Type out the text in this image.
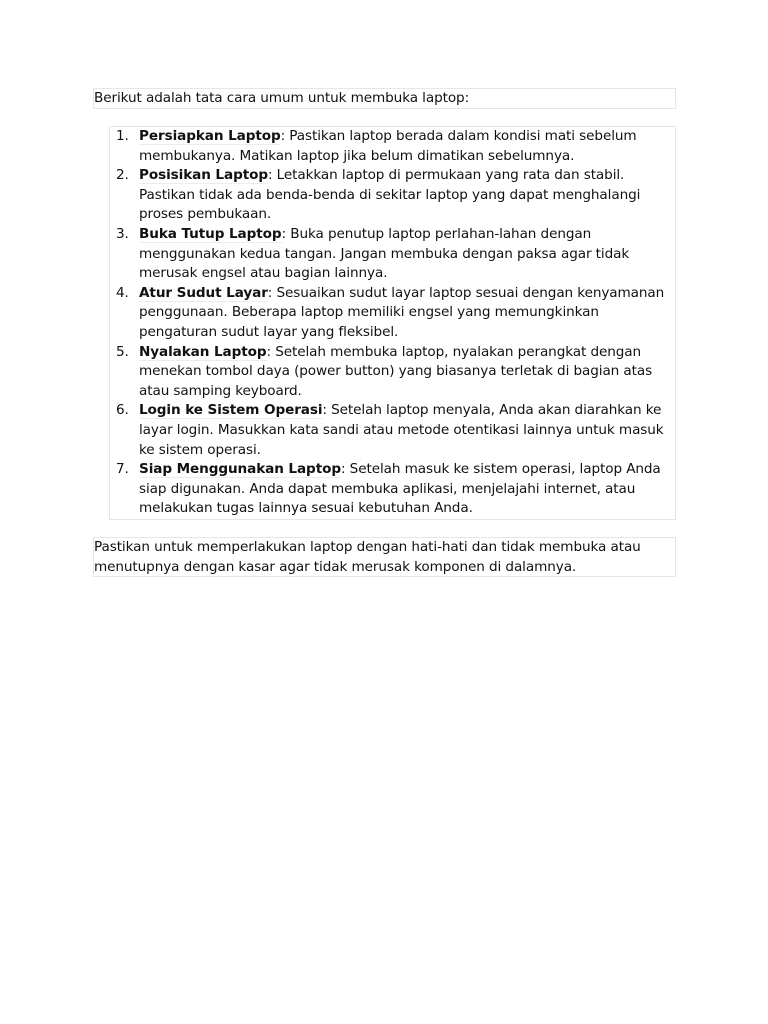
Berikut adalah tata cara umum untuk membuka laptop:
1. Persiapkan Laptop: Pastikan laptop berada dalam kondisi mati sebelum membukanya. Matikan laptop jika belum dimatikan sebelumnya.
2. Posisikan Laptop: Letakkan laptop di permukaan yang rata dan stabil. Pastikan tidak ada benda-benda di sekitar laptop yang dapat menghalangi proses pembukaan.
3. Buka Tutup Laptop: Buka penutup laptop perlahan-lahan dengan menggunakan kedua tangan. Jangan membuka dengan paksa agar tidak merusak engsel atau bagian lainnya.
4. Atur Sudut Layar: Sesuaikan sudut layar laptop sesuai dengan kenyamanan penggunaan. Beberapa laptop memiliki engsel yang memungkinkan pengaturan sudut layar yang fleksibel.
5. Nyalakan Laptop: Setelah membuka laptop, nyalakan perangkat dengan menekan tombol daya (power button) yang biasanya terletak di bagian atas atau samping keyboard.
6. Login ke Sistem Operasi: Setelah laptop menyala, Anda akan diarahkan ke layar login. Masukkan kata sandi atau metode otentikasi lainnya untuk masuk ke sistem operasi.
7. Siap Menggunakan Laptop: Setelah masuk ke sistem operasi, laptop Anda siap digunakan. Anda dapat membuka aplikasi, menjelajahi internet, atau melakukan tugas lainnya sesuai kebutuhan Anda.
Pastikan untuk memperlakukan laptop dengan hati-hati dan tidak membuka atau menutupnya dengan kasar agar tidak merusak komponen di dalamnya.
